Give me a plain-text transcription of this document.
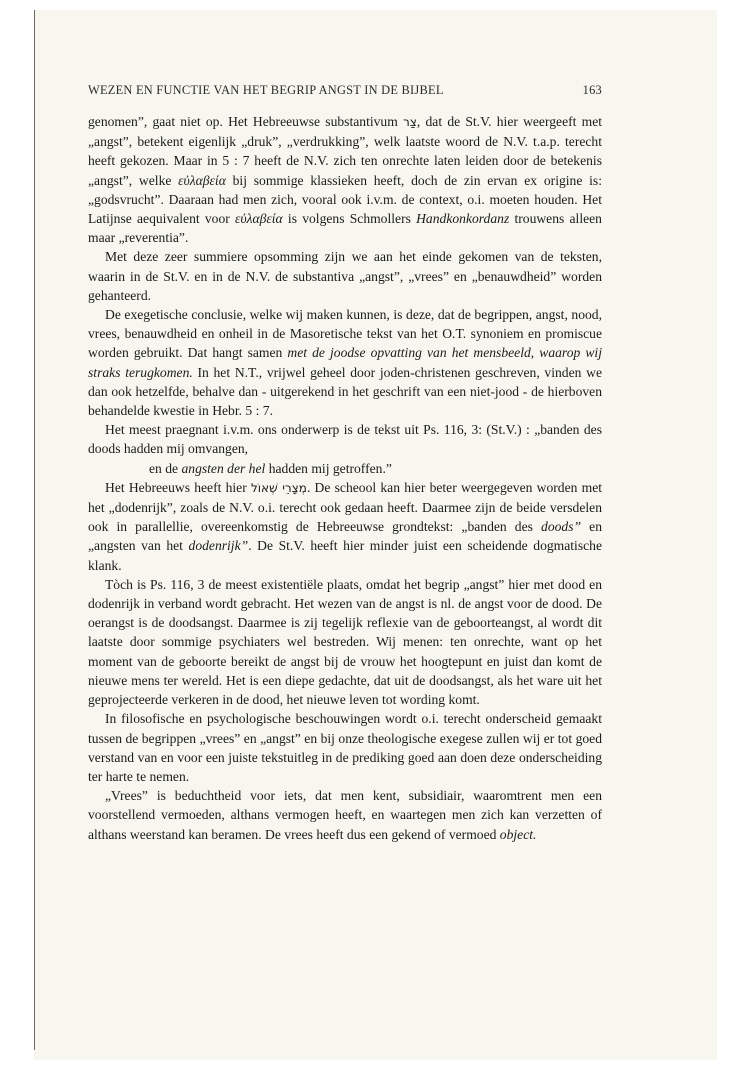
WEZEN EN FUNCTIE VAN HET BEGRIP ANGST IN DE BIJBEL	163

genomen”, gaat niet op. Het Hebreeuwse substantivum צַר, dat de St.V. hier weergeeft met „angst”, betekent eigenlijk „druk”, „verdrukking”, welk laatste woord de N.V. t.a.p. terecht heeft gekozen. Maar in 5 : 7 heeft de N.V. zich ten onrechte laten leiden door de betekenis „angst”, welke εὐλαβεία bij sommige klassieken heeft, doch de zin ervan ex origine is: „godsvrucht”. Daaraan had men zich, vooral ook i.v.m. de context, o.i. moeten houden. Het Latijnse aequivalent voor εὐλαβεία is volgens Schmollers Handkonkordanz trouwens alleen maar „reverentia”.

Met deze zeer summiere opsomming zijn we aan het einde gekomen van de teksten, waarin in de St.V. en in de N.V. de substantiva „angst”, „vrees” en „benauwdheid” worden gehanteerd.

De exegetische conclusie, welke wij maken kunnen, is deze, dat de begrippen, angst, nood, vrees, benauwdheid en onheil in de Masoretische tekst van het O.T. synoniem en promiscue worden gebruikt. Dat hangt samen met de joodse opvatting van het mensbeeld, waarop wij straks terugkomen. In het N.T., vrijwel geheel door joden-christenen geschreven, vinden we dan ook hetzelfde, behalve dan - uitgerekend in het geschrift van een niet-jood - de hierboven behandelde kwestie in Hebr. 5 : 7.

Het meest praegnant i.v.m. ons onderwerp is de tekst uit Ps. 116, 3: (St.V.) : „banden des doods hadden mij omvangen,

en de angsten der hel hadden mij getroffen.”

Het Hebreeuws heeft hier מְצָרֵי שְׁאוֹל. De scheool kan hier beter weergegeven worden met het „dodenrijk”, zoals de N.V. o.i. terecht ook gedaan heeft. Daarmee zijn de beide versdelen ook in parallellie, overeenkomstig de Hebreeuwse grondtekst: „banden des doods” en „angsten van het dodenrijk”. De St.V. heeft hier minder juist een scheidende dogmatische klank.

Tòch is Ps. 116, 3 de meest existentiële plaats, omdat het begrip „angst” hier met dood en dodenrijk in verband wordt gebracht. Het wezen van de angst is nl. de angst voor de dood. De oerangst is de doodsangst. Daarmee is zij tegelijk reflexie van de geboorteangst, al wordt dit laatste door sommige psychiaters wel bestreden. Wij menen: ten onrechte, want op het moment van de geboorte bereikt de angst bij de vrouw het hoogtepunt en juist dan komt de nieuwe mens ter wereld. Het is een diepe gedachte, dat uit de doodsangst, als het ware uit het geprojecteerde verkeren in de dood, het nieuwe leven tot wording komt.

In filosofische en psychologische beschouwingen wordt o.i. terecht onderscheid gemaakt tussen de begrippen „vrees” en „angst” en bij onze theologische exegese zullen wij er tot goed verstand van en voor een juiste tekstuitleg in de prediking goed aan doen deze onderscheiding ter harte te nemen.

„Vrees” is beduchtheid voor iets, dat men kent, subsidiair, waaromtrent men een voorstellend vermoeden, althans vermogen heeft, en waartegen men zich kan verzetten of althans weerstand kan beramen. De vrees heeft dus een gekend of vermoed object.
